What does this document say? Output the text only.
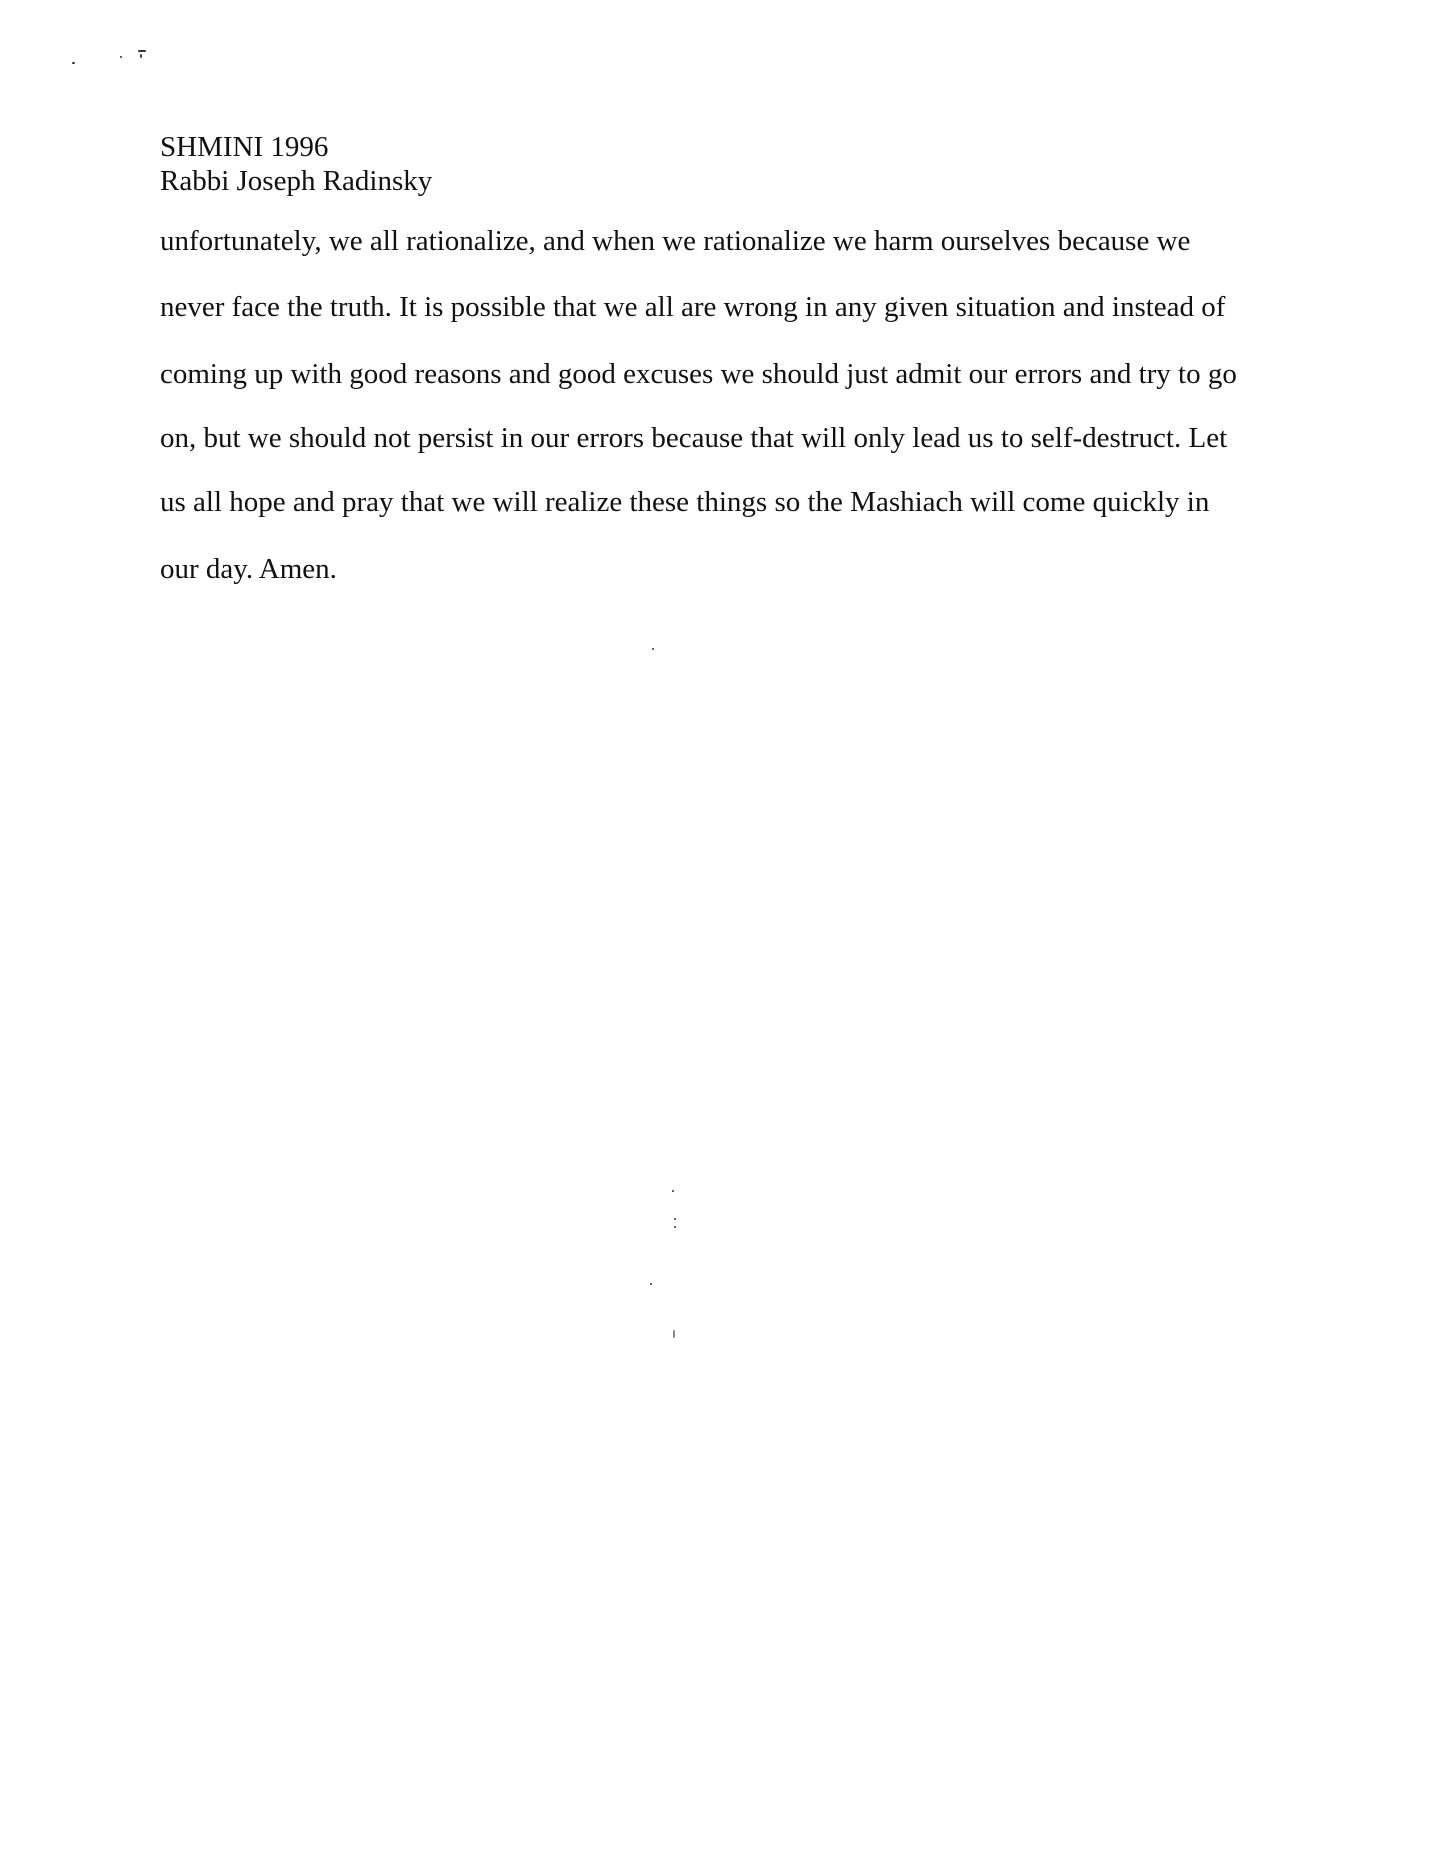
SHMINI 1996
Rabbi Joseph Radinsky
unfortunately, we all rationalize, and when we rationalize we harm ourselves because we
never face the truth. It is possible that we all are wrong in any given situation and instead of
coming up with good reasons and good excuses we should just admit our errors and try to go
on, but we should not persist in our errors because that will only lead us to self-destruct. Let
us all hope and pray that we will realize these things so the Mashiach will come quickly in
our day. Amen.
